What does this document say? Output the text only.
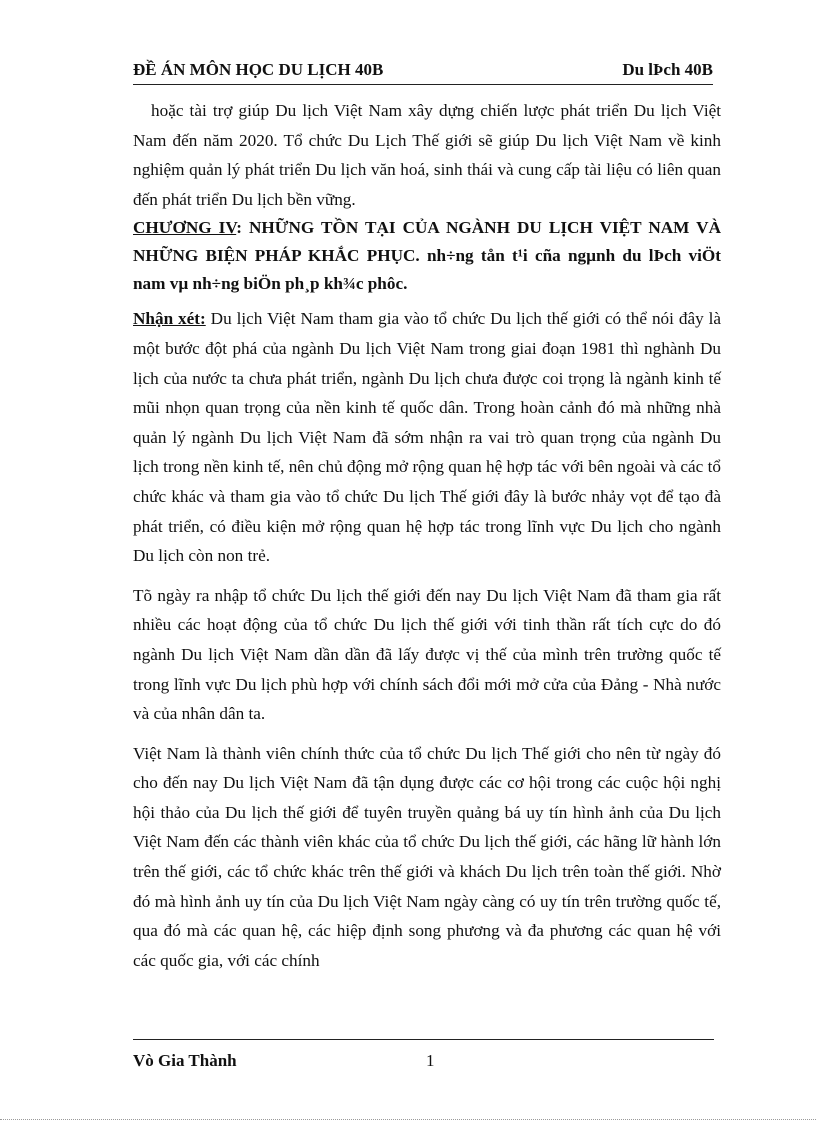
ĐỀ ÁN MÔN HỌC DU LỊCH 40B	Du lÞch 40B

hoặc tài trợ giúp Du lịch Việt Nam xây dựng chiến lược phát triển Du lịch Việt Nam đến năm 2020. Tổ chức Du Lịch Thế giới sẽ giúp Du lịch Việt Nam về kinh nghiệm quản lý phát triển Du lịch văn hoá, sinh thái và cung cấp tài liệu có liên quan đến phát triển Du lịch bền vững.

CHƯƠNG IV: NHỮNG TỒN TẠI CỦA NGÀNH DU LỊCH VIỆT NAM VÀ NHỮNG BIỆN PHÁP KHẮC PHỤC. nh÷ng tån t¹i cña ngµnh du lÞch viÖt nam vµ nh÷ng biÖn ph¸p kh¾c phôc.

Nhận xét: Du lịch Việt Nam tham gia vào tổ chức Du lịch thế giới có thể nói đây là một bước đột phá của ngành Du lịch Việt Nam trong giai đoạn 1981 thì nghành Du lịch của nước ta chưa phát triển, ngành Du lịch chưa được coi trọng là ngành kinh tế mũi nhọn quan trọng của nền kinh tế quốc dân. Trong hoàn cảnh đó mà những nhà quản lý ngành Du lịch Việt Nam đã sớm nhận ra vai trò quan trọng của ngành Du lịch trong nền kinh tế, nên chủ động mở rộng quan hệ hợp tác với bên ngoài và các tổ chức khác và tham gia vào tổ chức Du lịch Thế giới đây là bước nhảy vọt để tạo đà phát triển, có điều kiện mở rộng quan hệ hợp tác trong lĩnh vực Du lịch cho ngành Du lịch còn non trẻ.

Tõ ngày ra nhập tổ chức Du lịch thế giới đến nay Du lịch Việt Nam đã tham gia rất nhiều các hoạt động của tổ chức Du lịch thế giới với tinh thần rất tích cực do đó ngành Du lịch Việt Nam dần dần đã lấy được vị thế của mình trên trường quốc tế trong lĩnh vực Du lịch phù hợp với chính sách đổi mới mở cửa của Đảng - Nhà nước và của nhân dân ta.

Việt Nam là thành viên chính thức của tổ chức Du lịch Thế giới cho nên từ ngày đó cho đến nay Du lịch Việt Nam đã tận dụng được các cơ hội trong các cuộc hội nghị hội thảo của Du lịch thế giới để tuyên truyền quảng bá uy tín hình ảnh của Du lịch Việt Nam đến các thành viên khác của tổ chức Du lịch thế giới, các hãng lữ hành lớn trên thế giới, các tổ chức khác trên thế giới và khách Du lịch trên toàn thế giới. Nhờ đó mà hình ảnh uy tín của Du lịch Việt Nam ngày càng có uy tín trên trường quốc tế, qua đó mà các quan hệ, các hiệp định song phương và đa phương các quan hệ với các quốc gia, với các chính

Vò Gia Thành	1
